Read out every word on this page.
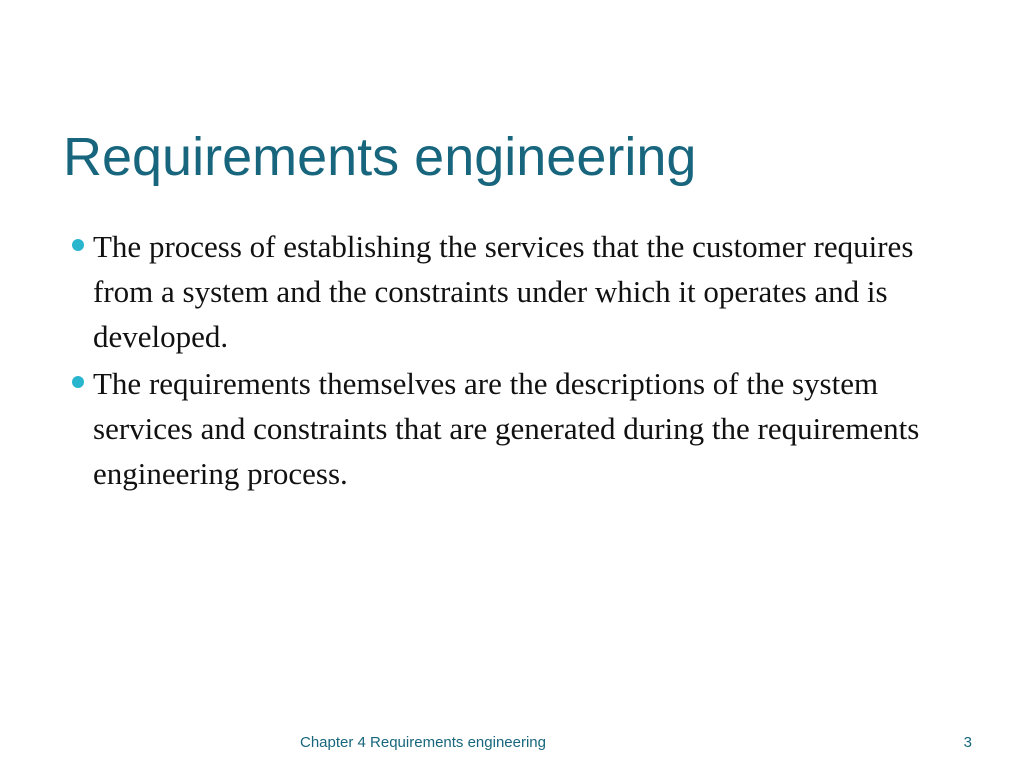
Requirements engineering
The process of establishing the services that the customer requires from a system and the constraints under which it operates and is developed.
The requirements themselves are the descriptions of the system services and constraints that are generated during the requirements engineering process.
Chapter 4 Requirements engineering	3
